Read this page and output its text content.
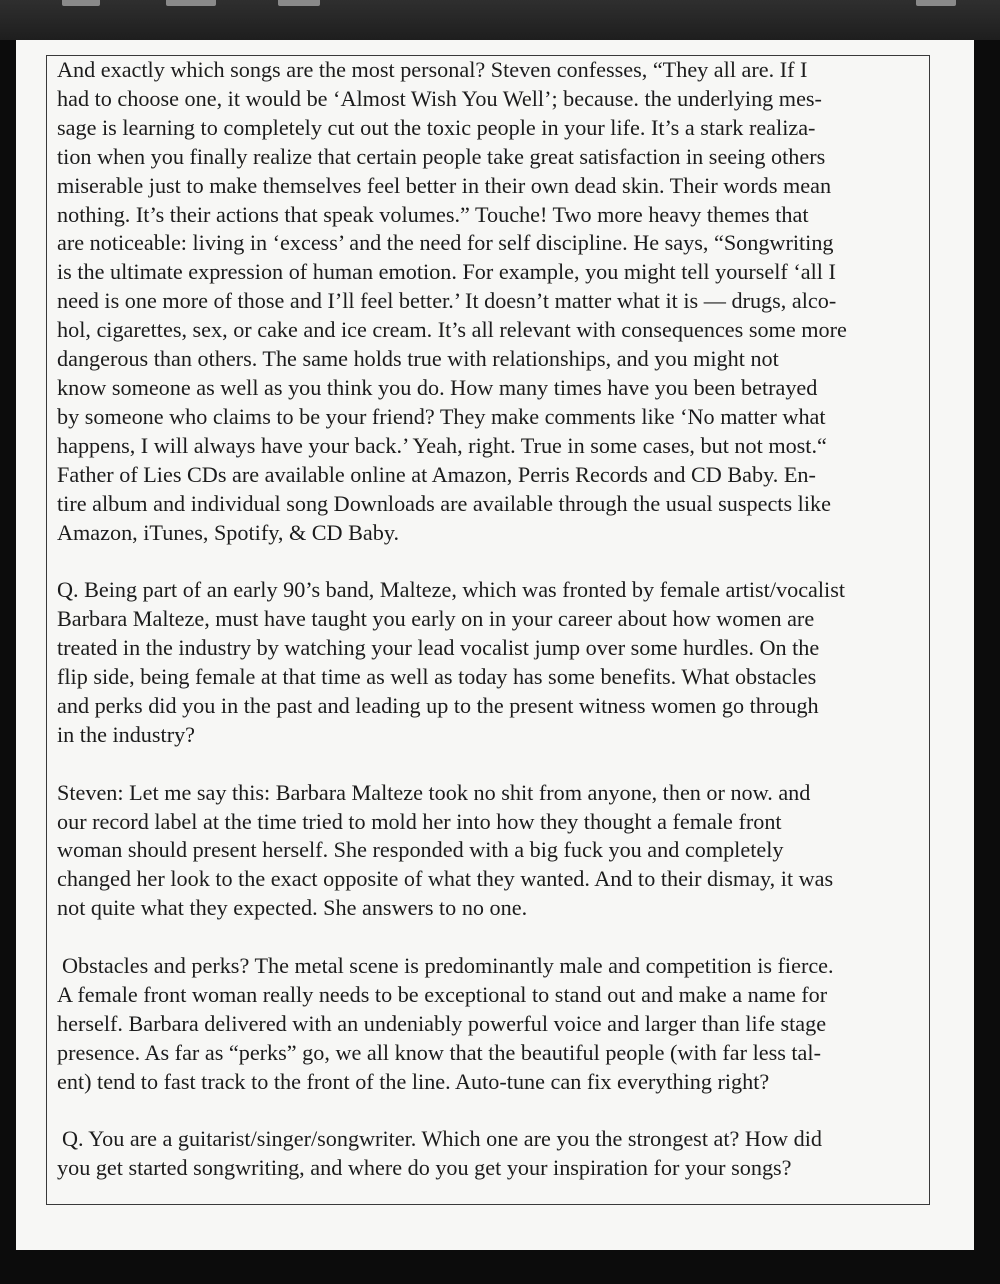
And exactly which songs are the most personal? Steven confesses, “They all are. If I
had to choose one, it would be ‘Almost Wish You Well’; because. the underlying mes-
sage is learning to completely cut out the toxic people in your life. It’s a stark realiza-
tion when you finally realize that certain people take great satisfaction in seeing others
miserable just to make themselves feel better in their own dead skin. Their words mean
nothing. It’s their actions that speak volumes.” Touche! Two more heavy themes that
are noticeable: living in ‘excess’ and the need for self discipline. He says, “Songwriting
is the ultimate expression of human emotion. For example, you might tell yourself ‘all I
need is one more of those and I’ll feel better.’ It doesn’t matter what it is — drugs, alco-
hol, cigarettes, sex, or cake and ice cream. It’s all relevant with consequences some more
dangerous than others. The same holds true with relationships, and you might not
know someone as well as you think you do. How many times have you been betrayed
by someone who claims to be your friend? They make comments like ‘No matter what
happens, I will always have your back.’ Yeah, right. True in some cases, but not most.“
Father of Lies CDs are available online at Amazon, Perris Records and CD Baby. En-
tire album and individual song Downloads are available through the usual suspects like
Amazon, iTunes, Spotify, & CD Baby.

Q. Being part of an early 90’s band, Malteze, which was fronted by female artist/vocalist
Barbara Malteze, must have taught you early on in your career about how women are
treated in the industry by watching your lead vocalist jump over some hurdles. On the
flip side, being female at that time as well as today has some benefits. What obstacles
and perks did you in the past and leading up to the present witness women go through
in the industry?

Steven: Let me say this: Barbara Malteze took no shit from anyone, then or now. and
our record label at the time tried to mold her into how they thought a female front
woman should present herself. She responded with a big fuck you and completely
changed her look to the exact opposite of what they wanted. And to their dismay, it was
not quite what they expected. She answers to no one.

Obstacles and perks? The metal scene is predominantly male and competition is fierce.
A female front woman really needs to be exceptional to stand out and make a name for
herself. Barbara delivered with an undeniably powerful voice and larger than life stage
presence. As far as “perks” go, we all know that the beautiful people (with far less tal-
ent) tend to fast track to the front of the line. Auto-tune can fix everything right?

Q. You are a guitarist/singer/songwriter. Which one are you the strongest at? How did
you get started songwriting, and where do you get your inspiration for your songs?
